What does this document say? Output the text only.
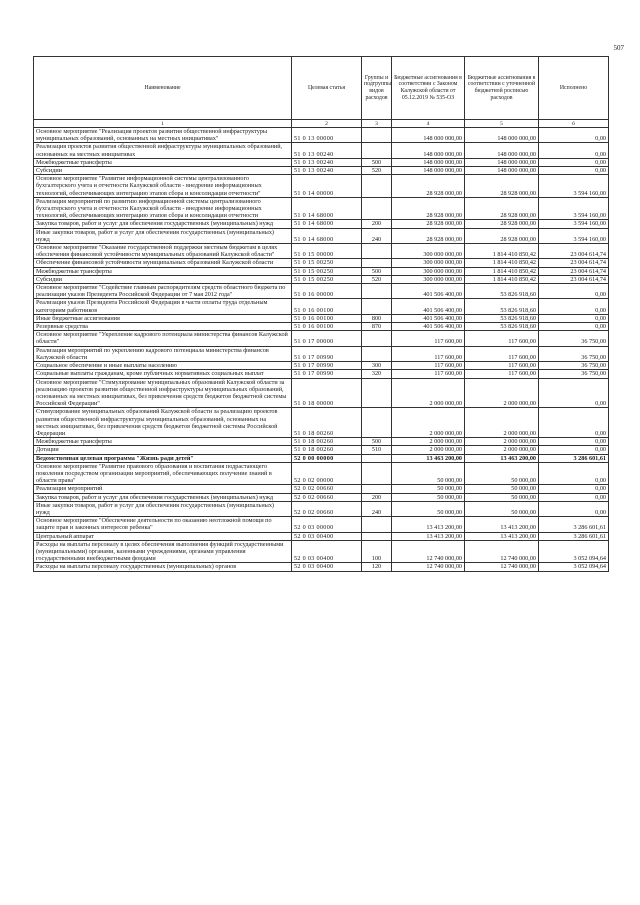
507
Наименование	Целевая статья	Группы и подгруппы видов расходов	Бюджетные ассигнования в соответствии с Законом Калужской области от 05.12.2019 № 535-ОЗ	Бюджетные ассигнования в соответствии с уточненной бюджетной росписью расходов	Исполнено
1	2	3	4	5	6
Основное мероприятие "Реализация проектов развития общественной инфраструктуры муниципальных образований, основанных на местных инициативах"	51 0 13 00000		148 000 000,00	148 000 000,00	0,00
Реализация проектов развития общественной инфраструктуры муниципальных образований, основанных на местных инициативах	51 0 13 00240		148 000 000,00	148 000 000,00	0,00
Межбюджетные трансферты	51 0 13 00240	500	148 000 000,00	148 000 000,00	0,00
Субсидии	51 0 13 00240	520	148 000 000,00	148 000 000,00	0,00
Основное мероприятие "Развитие информационной системы централизованного бухгалтерского учета и отчетности Калужской области - внедрение информационных технологий, обеспечивающих интеграцию этапов сбора и консолидации отчетности"	51 0 14 00000		28 928 000,00	28 928 000,00	3 594 160,00
Реализация мероприятий по развитию информационной системы централизованного бухгалтерского учета и отчетности Калужской области - внедрение информационных технологий, обеспечивающих интеграцию этапов сбора и консолидации отчетности	51 0 14 68000		28 928 000,00	28 928 000,00	3 594 160,00
Закупка товаров, работ и услуг для обеспечения государственных (муниципальных) нужд	51 0 14 68000	200	28 928 000,00	28 928 000,00	3 594 160,00
Иные закупки товаров, работ и услуг для обеспечения государственных (муниципальных) нужд	51 0 14 68000	240	28 928 000,00	28 928 000,00	3 594 160,00
Основное мероприятие "Оказание государственной поддержки местным бюджетам в целях обеспечения финансовой устойчивости муниципальных образований Калужской области"	51 0 15 00000		300 000 000,00	1 814 410 850,42	23 004 614,74
Обеспечение финансовой устойчивости муниципальных образований Калужской области	51 0 15 00250		300 000 000,00	1 814 410 850,42	23 004 614,74
Межбюджетные трансферты	51 0 15 00250	500	300 000 000,00	1 814 410 850,42	23 004 614,74
Субсидии	51 0 15 00250	520	300 000 000,00	1 814 410 850,42	23 004 614,74
Основное мероприятие "Содействие главным распорядителям средств областного бюджета по реализации указов Президента Российской Федерации от 7 мая 2012 года"	51 0 16 00000		401 506 400,00	53 826 918,60	0,00
Реализация указов Президента Российской Федерации в части оплаты труда отдельным категориям работников	51 0 16 00100		401 506 400,00	53 826 918,60	0,00
Иные бюджетные ассигнования	51 0 16 00100	800	401 506 400,00	53 826 918,60	0,00
Резервные средства	51 0 16 00100	870	401 506 400,00	53 826 918,60	0,00
Основное мероприятие "Укрепление кадрового потенциала министерства финансов Калужской области"	51 0 17 00000		117 600,00	117 600,00	36 750,00
Реализация мероприятий по укреплению кадрового потенциала министерства финансов Калужской области	51 0 17 00990		117 600,00	117 600,00	36 750,00
Социальное обеспечение и иные выплаты населению	51 0 17 00990	300	117 600,00	117 600,00	36 750,00
Социальные выплаты гражданам, кроме публичных нормативных социальных выплат	51 0 17 00990	320	117 600,00	117 600,00	36 750,00
Основное мероприятие "Стимулирование муниципальных образований Калужской области за реализацию проектов развития общественной инфраструктуры муниципальных образований, основанных на местных инициативах, без привлечения средств бюджетов бюджетной системы Российской Федерации"	51 0 18 00000		2 000 000,00	2 000 000,00	0,00
Стимулирование муниципальных образований Калужской области за реализацию проектов развития общественной инфраструктуры муниципальных образований, основанных на местных инициативах, без привлечения средств бюджетов бюджетной системы Российской Федерации	51 0 18 00260		2 000 000,00	2 000 000,00	0,00
Межбюджетные трансферты	51 0 18 00260	500	2 000 000,00	2 000 000,00	0,00
Дотации	51 0 18 00260	510	2 000 000,00	2 000 000,00	0,00
Ведомственная целевая программа "Жизнь ради детей"	52 0 00 00000		13 463 200,00	13 463 200,00	3 286 601,61
Основное мероприятие "Развитие правового образования и воспитания подрастающего поколения посредством организации мероприятий, обеспечивающих получение знаний в области права"	52 0 02 00000		50 000,00	50 000,00	0,00
Реализация мероприятий	52 0 02 00660		50 000,00	50 000,00	0,00
Закупка товаров, работ и услуг для обеспечения государственных (муниципальных) нужд	52 0 02 00660	200	50 000,00	50 000,00	0,00
Иные закупки товаров, работ и услуг для обеспечения государственных (муниципальных) нужд	52 0 02 00660	240	50 000,00	50 000,00	0,00
Основное мероприятие "Обеспечение деятельности по оказанию неотложной помощи по защите прав и законных интересов ребенка"	52 0 03 00000		13 413 200,00	13 413 200,00	3 286 601,61
Центральный аппарат	52 0 03 00400		13 413 200,00	13 413 200,00	3 286 601,61
Расходы на выплаты персоналу в целях обеспечения выполнения функций государственными (муниципальными) органами, казенными учреждениями, органами управления государственными внебюджетными фондами	52 0 03 00400	100	12 740 000,00	12 740 000,00	3 052 094,64
Расходы на выплаты персоналу государственных (муниципальных) органов	52 0 03 00400	120	12 740 000,00	12 740 000,00	3 052 094,64
